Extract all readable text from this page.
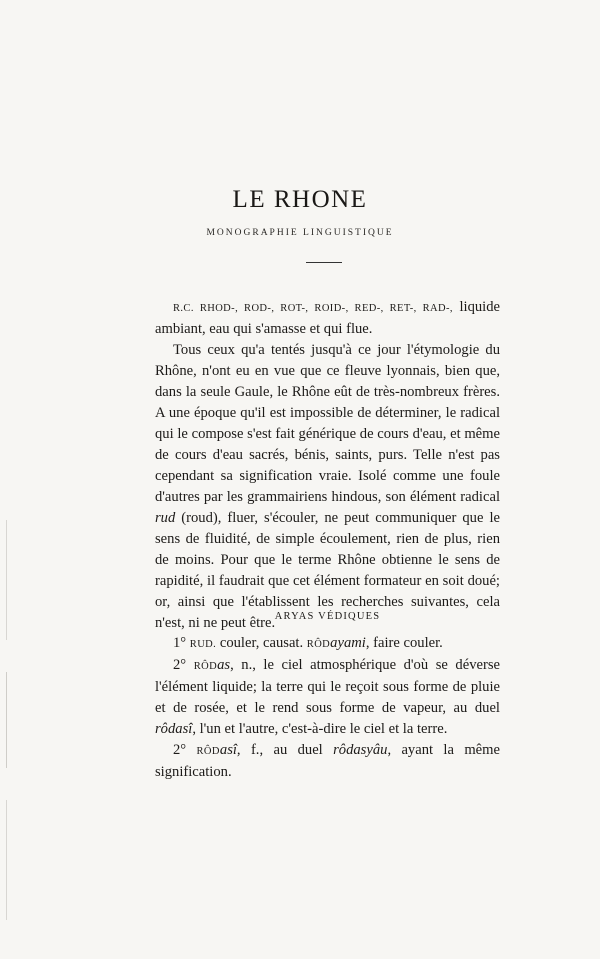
LE RHONE
MONOGRAPHIE LINGUISTIQUE

R.C. RHOD-, ROD-, ROT-, ROID-, RED-, RET-, RAD-, liquide ambiant, eau qui s'amasse et qui flue.

Tous ceux qu'a tentés jusqu'à ce jour l'étymologie du Rhône, n'ont eu en vue que ce fleuve lyonnais, bien que, dans la seule Gaule, le Rhône eût de très-nombreux frères. A une époque qu'il est impossible de déterminer, le radical qui le compose s'est fait générique de cours d'eau, et même de cours d'eau sacrés, bénis, saints, purs. Telle n'est pas cependant sa signification vraie. Isolé comme une foule d'autres par les grammairiens hindous, son élément radical rud (roud), fluer, s'écouler, ne peut communiquer que le sens de fluidité, de simple écoulement, rien de plus, rien de moins. Pour que le terme Rhône obtienne le sens de rapidité, il faudrait que cet élément formateur en soit doué; or, ainsi que l'établissent les recherches suivantes, cela n'est, ni ne peut être. ARYAS VÉDIQUES

1° RUD. couler, causat. RÔDayami, faire couler.

2° RÔDas, n., le ciel atmosphérique d'où se déverse l'élément liquide; la terre qui le reçoit sous forme de pluie et de rosée, et le rend sous forme de vapeur, au duel rôdasî, l'un et l'autre, c'est-à-dire le ciel et la terre.

2° RÔDasî, f., au duel rôdasyâu, ayant la même signification.
